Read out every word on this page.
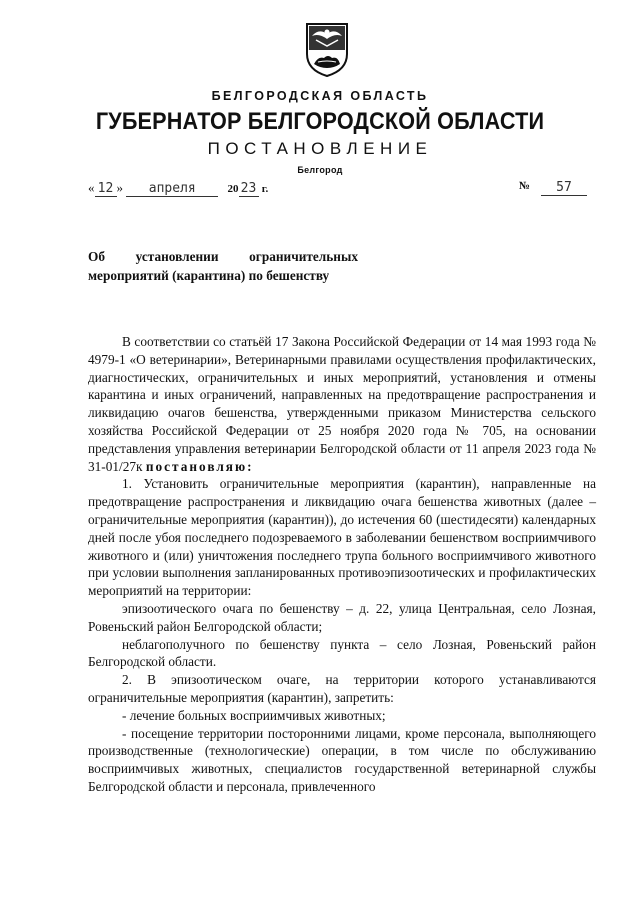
БЕЛГОРОДСКАЯ ОБЛАСТЬ
ГУБЕРНАТОР БЕЛГОРОДСКОЙ ОБЛАСТИ
ПОСТАНОВЛЕНИЕ
Белгород
« 12 » апреля	20 23 г.	№	57
Об установлении ограничительных
мероприятий (карантина) по бешенству

В соответствии со статьёй 17 Закона Российской Федерации от 14 мая 1993 года № 4979-1 «О ветеринарии», Ветеринарными правилами осуществления профилактических, диагностических, ограничительных и иных мероприятий, установления и отмены карантина и иных ограничений, направленных на предотвращение распространения и ликвидацию очагов бешенства, утвержденными приказом Министерства сельского хозяйства Российской Федерации от 25 ноября 2020 года № 705, на основании представления управления ветеринарии Белгородской области от 11 апреля 2023 года № 31-01/27к постановляю:

1. Установить ограничительные мероприятия (карантин), направленные на предотвращение распространения и ликвидацию очага бешенства животных (далее – ограничительные мероприятия (карантин)), до истечения 60 (шестидесяти) календарных дней после убоя последнего подозреваемого в заболевании бешенством восприимчивого животного и (или) уничтожения последнего трупа больного восприимчивого животного при условии выполнения запланированных противоэпизоотических и профилактических мероприятий на территории:

эпизоотического очага по бешенству – д. 22, улица Центральная, село Лозная, Ровеньский район Белгородской области;

неблагополучного по бешенству пункта – село Лозная, Ровеньский район Белгородской области.

2. В эпизоотическом очаге, на территории которого устанавливаются ограничительные мероприятия (карантин), запретить:

- лечение больных восприимчивых животных;

- посещение территории посторонними лицами, кроме персонала, выполняющего производственные (технологические) операции, в том числе по обслуживанию восприимчивых животных, специалистов государственной ветеринарной службы Белгородской области и персонала, привлеченного
